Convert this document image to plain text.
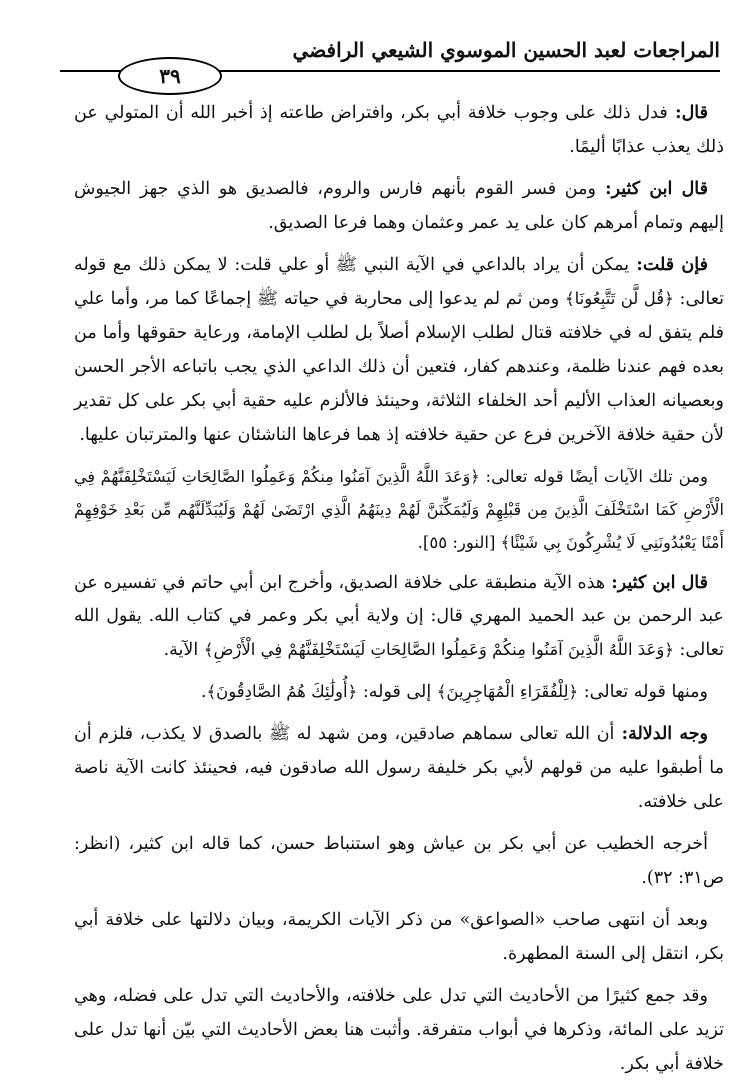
المراجعات لعبد الحسين الموسوي الشيعي الرافضي
٣٩

قال: فدل ذلك على وجوب خلافة أبي بكر، وافتراض طاعته إذ أخبر الله أن المتولي عن ذلك يعذب عذابًا أليمًا.

قال ابن كثير: ومن فسر القوم بأنهم فارس والروم، فالصديق هو الذي جهز الجيوش إليهم وتمام أمرهم كان على يد عمر وعثمان وهما فرعا الصديق.

فإن قلت: يمكن أن يراد بالداعي في الآية النبي ﷺ أو علي قلت: لا يمكن ذلك مع قوله تعالى: ﴿قُل لَّن تَتَّبِعُونَا﴾ ومن ثم لم يدعوا إلى محاربة في حياته ﷺ إجماعًا كما مر، وأما علي فلم يتفق له في خلافته قتال لطلب الإسلام أصلاً بل لطلب الإمامة، ورعاية حقوقها وأما من بعده فهم عندنا ظلمة، وعندهم كفار، فتعين أن ذلك الداعي الذي يجب باتباعه الأجر الحسن وبعصيانه العذاب الأليم أحد الخلفاء الثلاثة، وحينئذ فالألزم عليه حقية أبي بكر على كل تقدير لأن حقية خلافة الآخرين فرع عن حقية خلافته إذ هما فرعاها الناشئان عنها والمترتبان عليها.

ومن تلك الآيات أيضًا قوله تعالى: ﴿وَعَدَ اللَّهُ الَّذِينَ آمَنُوا مِنكُمْ وَعَمِلُوا الصَّالِحَاتِ لَيَسْتَخْلِفَنَّهُمْ فِي الْأَرْضِ كَمَا اسْتَخْلَفَ الَّذِينَ مِن قَبْلِهِمْ وَلَيُمَكِّنَنَّ لَهُمْ دِينَهُمُ الَّذِي ارْتَضَىٰ لَهُمْ وَلَيُبَدِّلَنَّهُم مِّن بَعْدِ خَوْفِهِمْ أَمْنًا يَعْبُدُونَنِي لَا يُشْرِكُونَ بِي شَيْئًا﴾ [النور: ٥٥].

قال ابن كثير: هذه الآية منطبقة على خلافة الصديق، وأخرج ابن أبي حاتم في تفسيره عن عبد الرحمن بن عبد الحميد المهري قال: إن ولاية أبي بكر وعمر في كتاب الله. يقول الله تعالى: ﴿وَعَدَ اللَّهُ الَّذِينَ آمَنُوا مِنكُمْ وَعَمِلُوا الصَّالِحَاتِ لَيَسْتَخْلِفَنَّهُمْ فِي الْأَرْضِ﴾ الآية.

ومنها قوله تعالى: ﴿لِلْفُقَرَاءِ الْمُهَاجِرِينَ﴾ إلى قوله: ﴿أُولَٰئِكَ هُمُ الصَّادِقُونَ﴾.

وجه الدلالة: أن الله تعالى سماهم صادقين، ومن شهد له ﷺ بالصدق لا يكذب، فلزم أن ما أطبقوا عليه من قولهم لأبي بكر خليفة رسول الله صادقون فيه، فحينئذ كانت الآية ناصة على خلافته.

أخرجه الخطيب عن أبي بكر بن عياش وهو استنباط حسن، كما قاله ابن كثير، (انظر: ص٣١: ٣٢).

وبعد أن انتهى صاحب «الصواعق» من ذكر الآيات الكريمة، وبيان دلالتها على خلافة أبي بكر، انتقل إلى السنة المطهرة.

وقد جمع كثيرًا من الأحاديث التي تدل على خلافته، والأحاديث التي تدل على فضله، وهي تزيد على المائة، وذكرها في أبواب متفرقة. وأثبت هنا بعض الأحاديث التي بيّن أنها تدل على خلافة أبي بكر.
